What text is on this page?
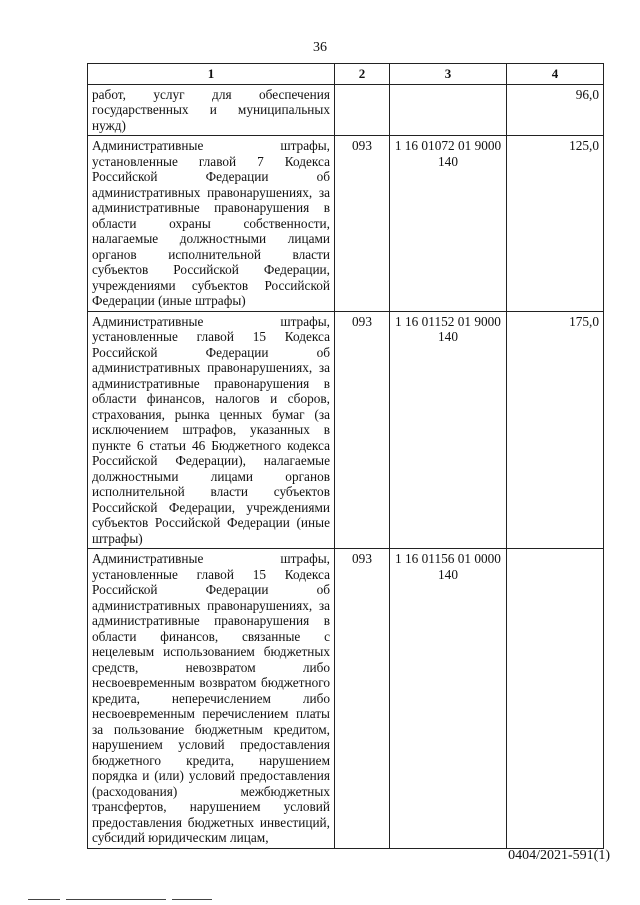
36
1	2	3	4
работ, услуг для обеспечения государственных и муниципальных нужд)			96,0
Административные штрафы, установленные главой 7 Кодекса Российской Федерации об административных правонарушениях, за административные правонарушения в области охраны собственности, налагаемые должностными лицами органов исполнительной власти субъектов Российской Федерации, учреждениями субъектов Российской Федерации (иные штрафы)	093	1 16 01072 01 9000 140	125,0
Административные штрафы, установленные главой 15 Кодекса Российской Федерации об административных правонарушениях, за административные правонарушения в области финансов, налогов и сборов, страхования, рынка ценных бумаг (за исключением штрафов, указанных в пункте 6 статьи 46 Бюджетного кодекса Российской Федерации), налагаемые должностными лицами органов исполнительной власти субъектов Российской Федерации, учреждениями субъектов Российской Федерации (иные штрафы)	093	1 16 01152 01 9000 140	175,0
Административные штрафы, установленные главой 15 Кодекса Российской Федерации об административных правонарушениях, за административные правонарушения в области финансов, связанные с нецелевым использованием бюджетных средств, невозвратом либо несвоевременным возвратом бюджетного кредита, неперечислением либо несвоевременным перечислением платы за пользование бюджетным кредитом, нарушением условий предоставления бюджетного кредита, нарушением порядка и (или) условий предоставления (расходования) межбюджетных трансфертов, нарушением условий предоставления бюджетных инвестиций, субсидий юридическим лицам,	093	1 16 01156 01 0000 140	
0404/2021-591(1)
